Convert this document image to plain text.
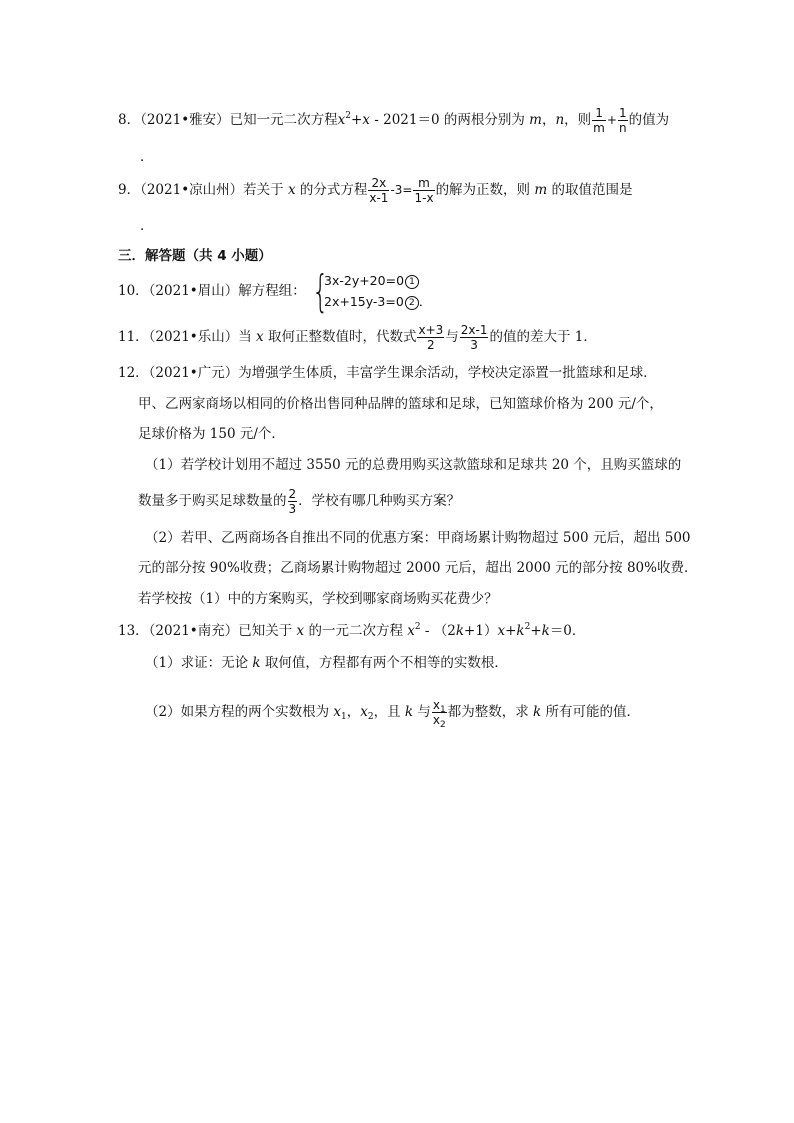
8．（2021•雅安）已知一元二次方程$x^2+x - 2021=0$ 的两根分别为 m，n，则 $\frac{1}{m} + \frac{1}{n}$ 的值为
．
9．（2021•凉山州）若关于 x 的分式方程 $\frac{2x}{x-1} -3= \frac{m}{1-x}$ 的解为正数，则 m 的取值范围是
．
三．解答题（共 4 小题）
10．（2021•眉山）解方程组： {
3x-2y+20=0 1
2x+15y-3=0 2 ．
11．（2021•乐山）当 x 取何正整数值时，代数式 $\frac{x+3}{2}$ 与 $\frac{2x-1}{3}$ 的值的差大于 1．
12．（2021•广元）为增强学生体质，丰富学生课余活动，学校决定添置一批篮球和足球．
甲、乙两家商场以相同的价格出售同种品牌的篮球和足球，已知篮球价格为 200 元/个，
足球价格为 150 元/个．
（1）若学校计划用不超过 3550 元的总费用购买这款篮球和足球共 20 个，且购买篮球的
数量多于购买足球数量的 $\frac{2}{3}$ ．学校有哪几种购买方案？
（2）若甲、乙两商场各自推出不同的优惠方案：甲商场累计购物超过 500 元后，超出 500
元的部分按 90%收费；乙商场累计购物超过 2000 元后，超出 2000 元的部分按 80%收费．
若学校按（1）中的方案购买，学校到哪家商场购买花费少？
13．（2021•南充）已知关于 x 的一元二次方程 $x^2 - (2k+1)x+k^2+k=0$．
（1）求证：无论 k 取何值，方程都有两个不相等的实数根．
（2）如果方程的两个实数根为 $x_1$，$x_2$，且 k 与 $\frac{x_1}{x_2}$ 都为整数，求 k 所有可能的值．
